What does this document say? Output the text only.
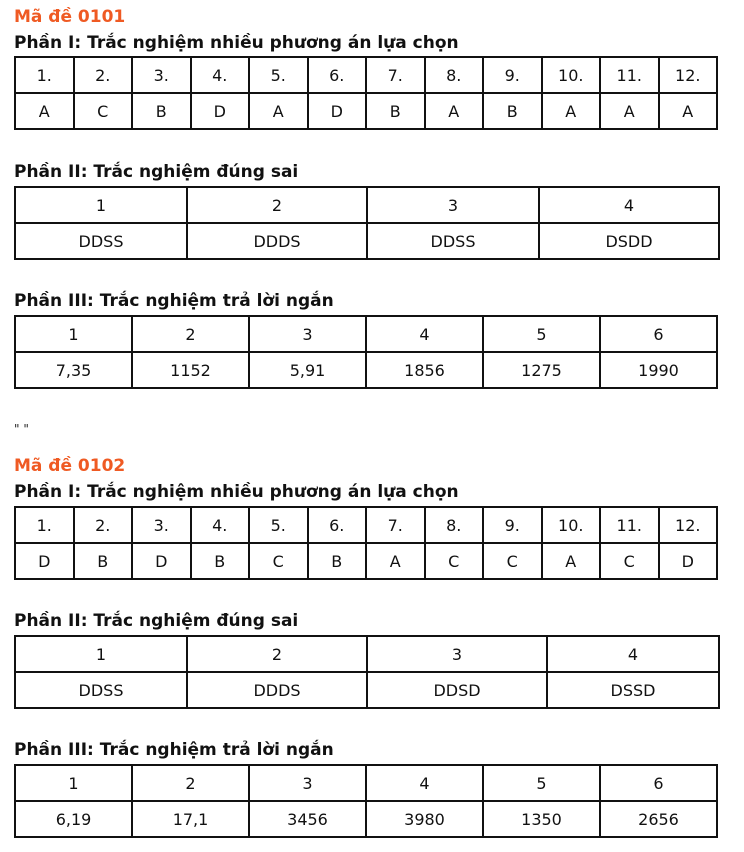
Mã đề 0101
Phần I: Trắc nghiệm nhiều phương án lựa chọn
1.	2.	3.	4.	5.	6.	7.	8.	9.	10.	11.	12.
A	C	B	D	A	D	B	A	B	A	A	A
Phần II: Trắc nghiệm đúng sai
1	2	3	4
DDSS	DDDS	DDSS	DSDD
Phần III: Trắc nghiệm trả lời ngắn
1	2	3	4	5	6
7,35	1152	5,91	1856	1275	1990
" "
Mã đề 0102
Phần I: Trắc nghiệm nhiều phương án lựa chọn
1.	2.	3.	4.	5.	6.	7.	8.	9.	10.	11.	12.
D	B	D	B	C	B	A	C	C	A	C	D
Phần II: Trắc nghiệm đúng sai
1	2	3	4
DDSS	DDDS	DDSD	DSSD
Phần III: Trắc nghiệm trả lời ngắn
1	2	3	4	5	6
6,19	17,1	3456	3980	1350	2656
